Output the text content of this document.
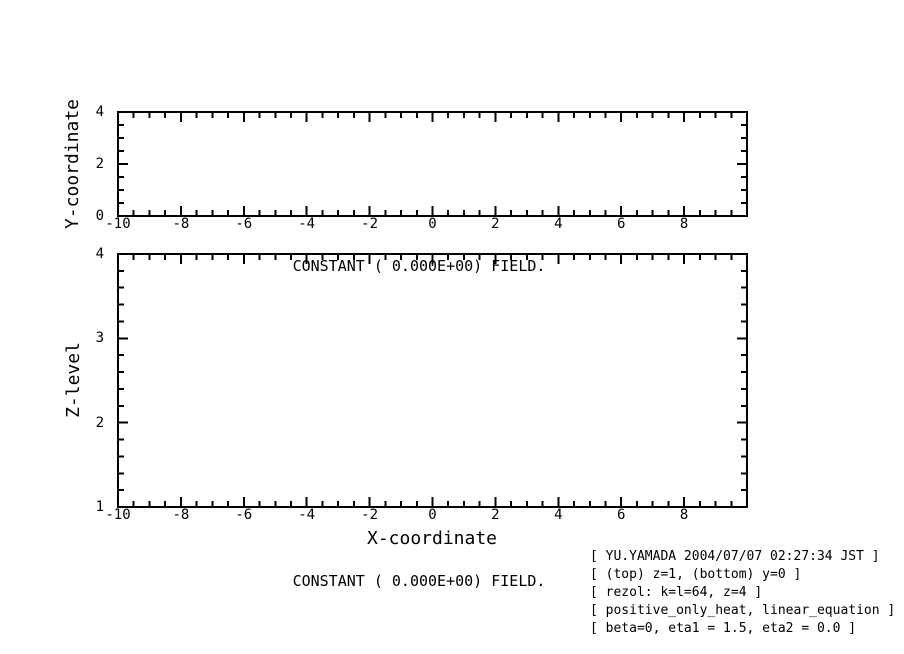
Y-coordinate
Z-level
CONSTANT ( 0.000E+00) FIELD.
X-coordinate
CONSTANT ( 0.000E+00) FIELD.
-10	-8	-6	-4	-2	0	2	4	6	8
0
2
4
-10	-8	-6	-4	-2	0	2	4	6	8
1
2
3
4
[ YU.YAMADA 2004/07/07 02:27:34 JST ]
[ (top) z=1, (bottom) y=0 ]
[ rezol: k=l=64, z=4 ]
[ positive_only_heat, linear_equation ]
[ beta=0, eta1 = 1.5, eta2 = 0.0 ]
